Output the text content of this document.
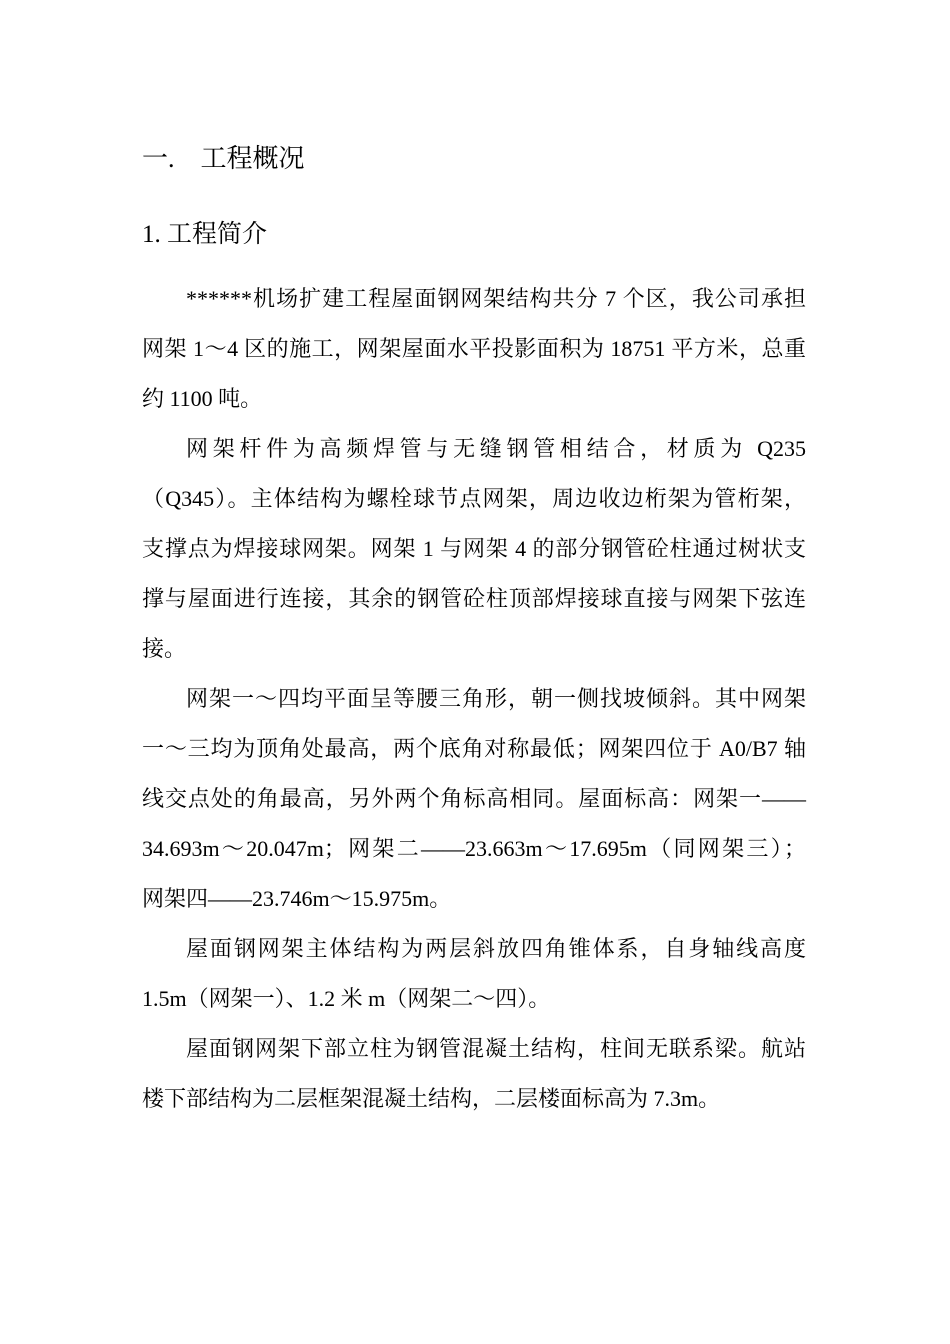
一. 工程概况
1. 工程简介
******机场扩建工程屋面钢网架结构共分 7 个区，我公司承担
网架 1～4 区的施工，网架屋面水平投影面积为 18751 平方米，总重
约 1100 吨。
网架杆件为高频焊管与无缝钢管相结合，材质为 Q235
（Q345）。主体结构为螺栓球节点网架，周边收边桁架为管桁架，
支撑点为焊接球网架。网架 1 与网架 4 的部分钢管砼柱通过树状支
撑与屋面进行连接，其余的钢管砼柱顶部焊接球直接与网架下弦连
接。
网架一～四均平面呈等腰三角形，朝一侧找坡倾斜。其中网架
一～三均为顶角处最高，两个底角对称最低；网架四位于 A0/B7 轴
线交点处的角最高，另外两个角标高相同。屋面标高：网架一——
34.693m～20.047m；网架二——23.663m～17.695m（同网架三）；
网架四——23.746m～15.975m。
屋面钢网架主体结构为两层斜放四角锥体系，自身轴线高度
1.5m（网架一）、1.2 米 m（网架二～四）。
屋面钢网架下部立柱为钢管混凝土结构，柱间无联系梁。航站
楼下部结构为二层框架混凝土结构，二层楼面标高为 7.3m。
